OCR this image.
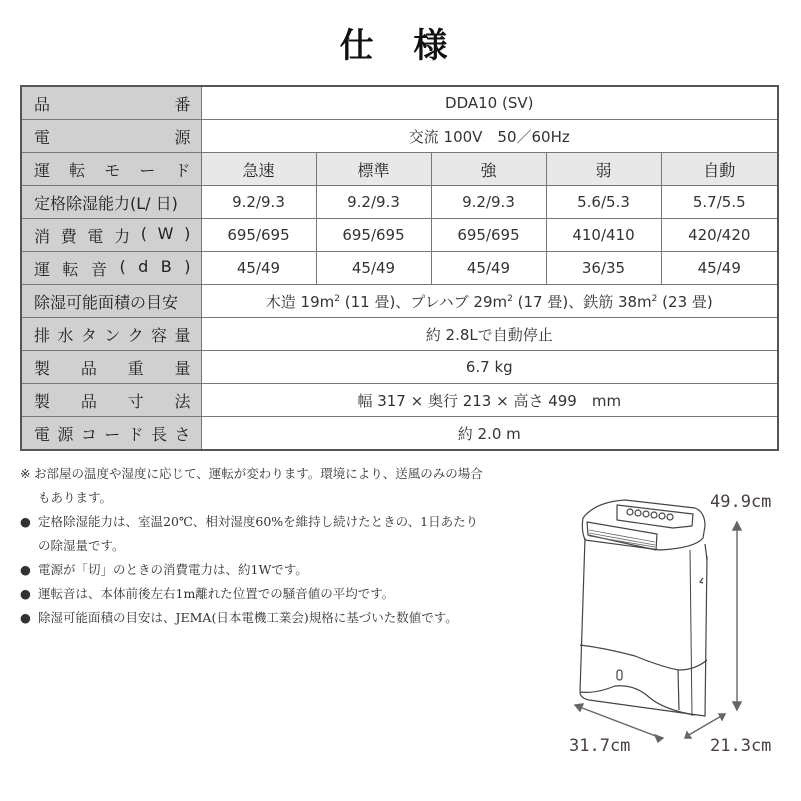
仕 様
品 番	DDA10 (SV)				

電 源	交流 100V　50／60Hz				

運 転 モ ー ド	急速	標準	強	弱	自動
定格除湿能力(L/ 日)	9.2/9.3	9.2/9.3	9.2/9.3	5.6/5.3	5.7/5.5

消 費 電 力 ( W )	695/695	695/695	695/695	410/410	420/420

運 転 音 ( d B )	45/49	45/49	45/49	36/35	45/49
除湿可能面積の目安	木造 $19m^2$ (11 畳)、プレハブ $29m^2$ (17 畳)、鉄筋 $38m^2$ (23 畳)				

排 水 タ ン ク 容 量	約 2.8Lで自動停止

製 品 重 量	6.7 kg				

製 品 寸 法	幅 317 × 奥行 213 × 高さ 499　mm				

電 源 コ ー ド 長 さ	約 2.0 m
※ お部屋の温度や湿度に応じて、運転が変わります。環境により、送風のみの場合
もあります。
● 定格除湿能力は、室温20℃、相対湿度60%を維持し続けたときの、1日あたり
の除湿量です。
● 電源が「切」のときの消費電力は、約1Wです。
● 運転音は、本体前後左右1m離れた位置での騒音値の平均です。
● 除湿可能面積の目安は、JEMA(日本電機工業会)規格に基づいた数値です。
49.9cm
31.7cm	21.3cm
